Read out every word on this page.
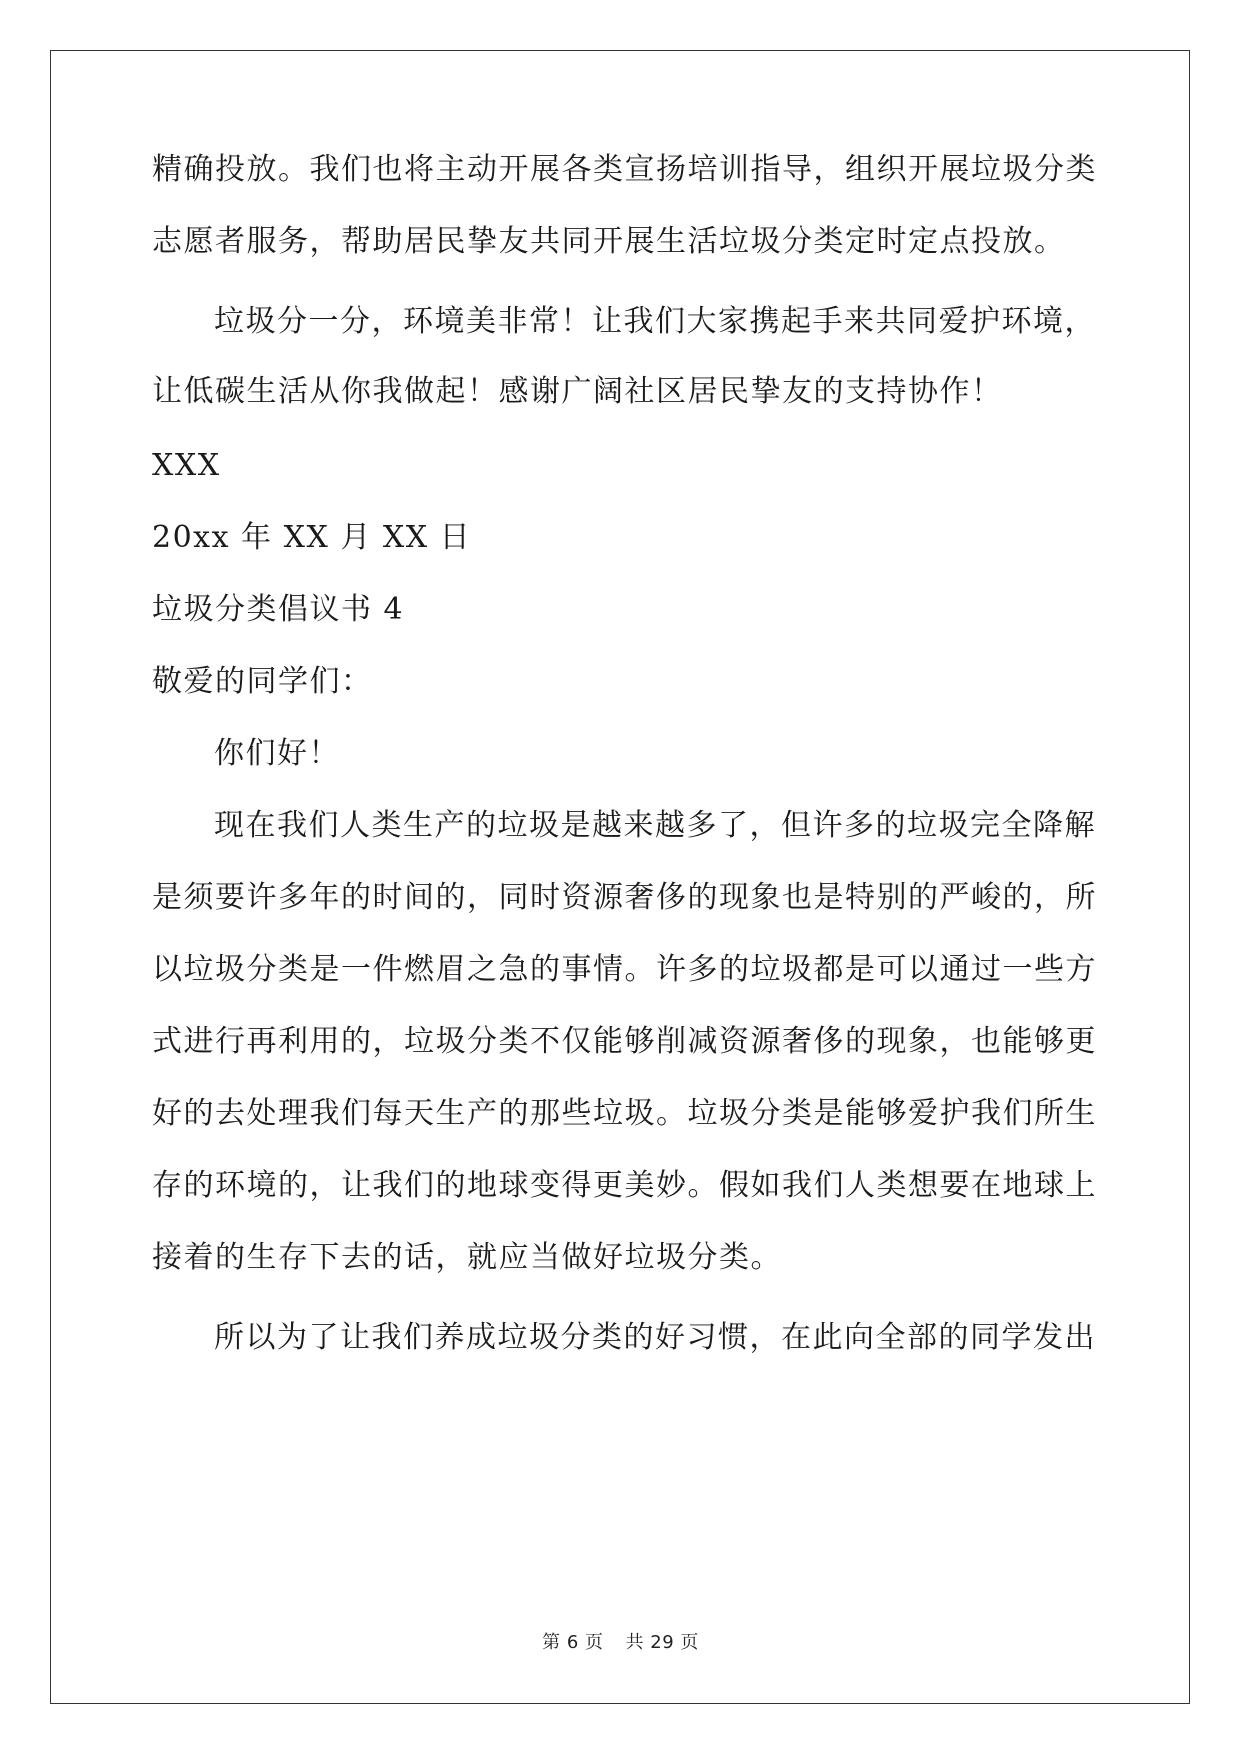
精确投放。我们也将主动开展各类宣扬培训指导，组织开展垃圾分类
志愿者服务，帮助居民挚友共同开展生活垃圾分类定时定点投放。
垃圾分一分，环境美非常！让我们大家携起手来共同爱护环境，
让低碳生活从你我做起！感谢广阔社区居民挚友的支持协作！
XXX
20xx 年 XX 月 XX 日
垃圾分类倡议书 4
敬爱的同学们：
你们好！
现在我们人类生产的垃圾是越来越多了，但许多的垃圾完全降解
是须要许多年的时间的，同时资源奢侈的现象也是特别的严峻的，所
以垃圾分类是一件燃眉之急的事情。许多的垃圾都是可以通过一些方
式进行再利用的，垃圾分类不仅能够削减资源奢侈的现象，也能够更
好的去处理我们每天生产的那些垃圾。垃圾分类是能够爱护我们所生
存的环境的，让我们的地球变得更美妙。假如我们人类想要在地球上
接着的生存下去的话，就应当做好垃圾分类。
所以为了让我们养成垃圾分类的好习惯，在此向全部的同学发出
第 6 页 共 29 页
